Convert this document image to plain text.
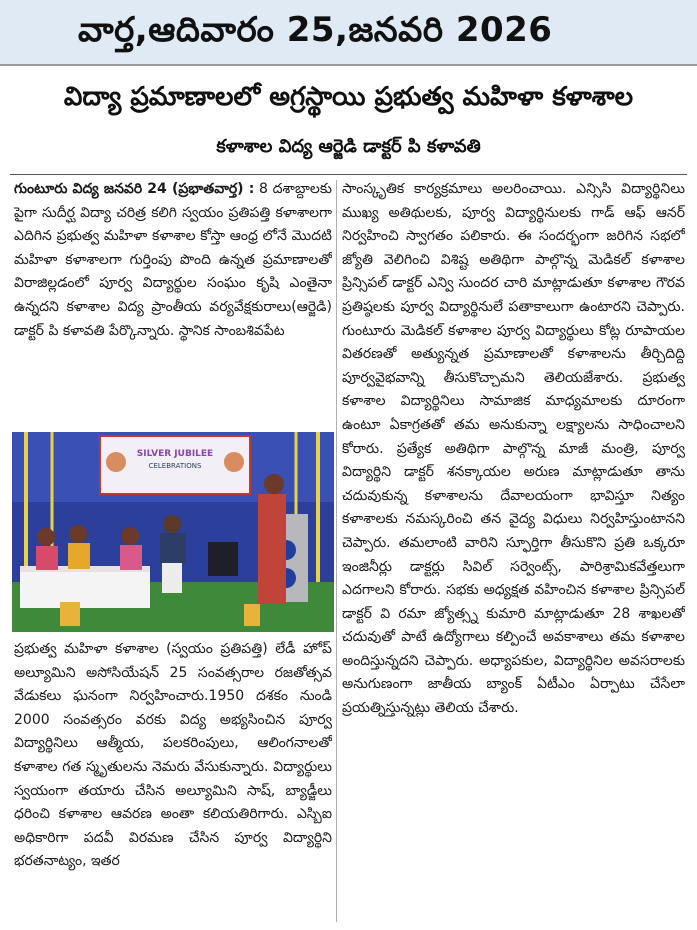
వార్త,ఆదివారం 25,జనవరి 2026
విద్యా ప్రమాణాలలో అగ్రస్థాయి ప్రభుత్వ మహిళా కళాశాల
కళాశాల విద్య ఆర్జెడి డాక్టర్ పి కళావతి
గుంటూరు విద్య జనవరి 24 (ప్రభాతవార్త) : 8 దశాబ్దాలకు పైగా సుదీర్ఘ విద్యా చరిత్ర కలిగి స్వయం ప్రతిపత్తి కళాశాలగా ఎదిగిన ప్రభుత్వ మహిళా కళాశాల కోస్తా ఆంధ్ర లోనే మొదటి మహిళా కళాశాలగా గుర్తింపు పొంది ఉన్నత ప్రమాణాలతో విరాజిల్లడంలో పూర్వ విద్యార్థుల సంఘం కృషి ఎంతైనా ఉన్నదని కళాశాల విద్య ప్రాంతీయ వర్యవేక్షకురాలు(ఆర్జెడి) డాక్టర్ పి కళావతి పేర్కొన్నారు. స్థానిక సాంబశివపేట
SILVER JUBILEE
CELEBRATIONS
ప్రభుత్వ మహిళా కళాశాల (స్వయం ప్రతిపత్తి) లేడీ హోప్ అల్యూమిని అసోసియేషన్ 25 సంవత్సరాల రజతోత్సవ వేడుకలు ఘనంగా నిర్వహించారు.1950 దశకం నుండి 2000 సంవత్సరం వరకు విద్య అభ్యసించిన పూర్వ విద్యార్థినిలు ఆత్మీయ, పలకరింపులు, ఆలింగనాలతో కళాశాల గత స్మృతులను నెమరు వేసుకున్నారు. విద్యార్థులు స్వయంగా తయారు చేసిన అల్యూమిని సాష్, బ్యాడ్జీలు ధరించి కళాశాల ఆవరణ అంతా కలియతిరిగారు. ఎస్బిఐ అధికారిగా పదవీ విరమణ చేసిన పూర్వ విద్యార్థిని భరతనాట్యం, ఇతర
సాంస్కృతిక కార్యక్రమాలు అలరించాయి. ఎన్సిసి విద్యార్థినిలు ముఖ్య అతిథులకు, పూర్వ విద్యార్థినులకు గాడ్ ఆఫ్ ఆనర్ నిర్వహించి స్వాగతం పలికారు. ఈ సందర్భంగా జరిగిన సభలో జ్యోతి వెలిగించి విశిష్ట అతిథిగా పాల్గొన్న మెడికల్ కళాశాల ప్రిన్సిపల్ డాక్టర్ ఎన్వి సుందర చారి మాట్లాడుతూ కళాశాల గౌరవ ప్రతిష్ఠలకు పూర్వ విద్యార్థినులే పతాకాలుగా ఉంటారని చెప్పారు. గుంటూరు మెడికల్ కళాశాల పూర్వ విద్యార్థులు కోట్ల రూపాయల వితరణతో అత్యున్నత ప్రమాణాలతో కళాశాలను తీర్చిదిద్ది పూర్వవైభవాన్ని తీసుకొచ్చామని తెలియజేశారు. ప్రభుత్వ కళాశాల విద్యార్థినిలు సామాజిక మాధ్యమాలకు దూరంగా ఉంటూ ఏకాగ్రతతో తమ అనుకున్నా లక్ష్యాలను సాధించాలని కోరారు. ప్రత్యేక అతిథిగా పాల్గొన్న మాజీ మంత్రి, పూర్వ విద్యార్థిని డాక్టర్ శనక్కాయల అరుణ మాట్లాడుతూ తాను చదువుకున్న కళాశాలను దేవాలయంగా భావిస్తూ నిత్యం కళాశాలకు నమస్కరించి తన వైద్య విధులు నిర్వహిస్తుంటానని చెప్పారు. తమలాంటి వారిని స్ఫూర్తిగా తీసుకొని ప్రతి ఒక్కరూ ఇంజినీర్లు డాక్టర్లు సివిల్ సర్వెంట్స్, పారిశ్రామికవేత్తలుగా ఎదగాలని కోరారు. సభకు అధ్యక్షత వహించిన కళాశాల ప్రిన్సిపల్ డాక్టర్ వి రమా జ్యోత్స్న కుమారి మాట్లాడుతూ 28 శాఖలతో చదువుతో పాటే ఉద్యోగాలు కల్పించే అవకాశాలు తమ కళాశాల అందిస్తున్నదని చెప్పారు. అధ్యాపకుల, విద్యార్థినిల అవసరాలకు అనుగుణంగా జాతీయ బ్యాంక్ ఏటీఎం ఏర్పాటు చేసేలా ప్రయత్నిస్తున్నట్లు తెలియ చేశారు.
